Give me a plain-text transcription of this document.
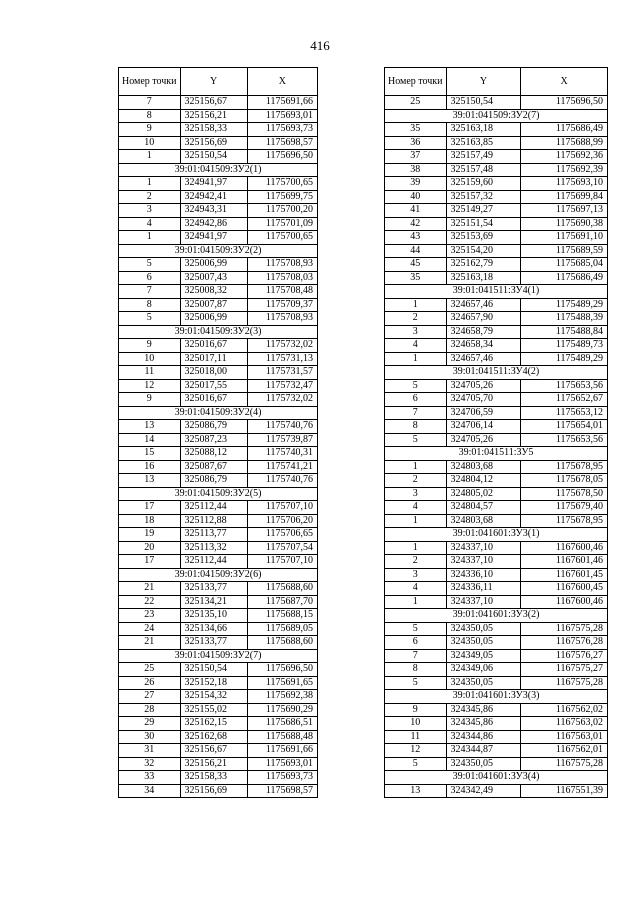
416
Номер точки	Y	X
7	325156,67	1175691,66
8	325156,21	1175693,01
9	325158,33	1175693,73
10	325156,69	1175698,57
1	325150,54	1175696,50
39:01:041509:ЗУ2(1)		
1	324941,97	1175700,65
2	324942,41	1175699,75
3	324943,31	1175700,20
4	324942,86	1175701,09
1	324941,97	1175700,65
39:01:041509:ЗУ2(2)		
5	325006,99	1175708,93
6	325007,43	1175708,03
7	325008,32	1175708,48
8	325007,87	1175709,37
5	325006,99	1175708,93
39:01:041509:ЗУ2(3)		
9	325016,67	1175732,02
10	325017,11	1175731,13
11	325018,00	1175731,57
12	325017,55	1175732,47
9	325016,67	1175732,02
39:01:041509:ЗУ2(4)		
13	325086,79	1175740,76
14	325087,23	1175739,87
15	325088,12	1175740,31
16	325087,67	1175741,21
13	325086,79	1175740,76
39:01:041509:ЗУ2(5)		
17	325112,44	1175707,10
18	325112,88	1175706,20
19	325113,77	1175706,65
20	325113,32	1175707,54
17	325112,44	1175707,10
39:01:041509:ЗУ2(6)		
21	325133,77	1175688,60
22	325134,21	1175687,70
23	325135,10	1175688,15
24	325134,66	1175689,05
21	325133,77	1175688,60
39:01:041509:ЗУ2(7)		
25	325150,54	1175696,50
26	325152,18	1175691,65
27	325154,32	1175692,38
28	325155,02	1175690,29
29	325162,15	1175686,51
30	325162,68	1175688,48
31	325156,67	1175691,66
32	325156,21	1175693,01
33	325158,33	1175693,73
34	325156,69	1175698,57
Номер точки	Y	X
25	325150,54	1175696,50
39:01:041509:ЗУ2(7)		
35	325163,18	1175686,49
36	325163,85	1175688,99
37	325157,49	1175692,36
38	325157,48	1175692,39
39	325159,60	1175693,10
40	325157,32	1175699,84
41	325149,27	1175697,13
42	325151,54	1175690,38
43	325153,69	1175691,10
44	325154,20	1175689,59
45	325162,79	1175685,04
35	325163,18	1175686,49
39:01:041511:ЗУ4(1)		
1	324657,46	1175489,29
2	324657,90	1175488,39
3	324658,79	1175488,84
4	324658,34	1175489,73
1	324657,46	1175489,29
39:01:041511:ЗУ4(2)		
5	324705,26	1175653,56
6	324705,70	1175652,67
7	324706,59	1175653,12
8	324706,14	1175654,01
5	324705,26	1175653,56
39:01:041511:ЗУ5		
1	324803,68	1175678,95
2	324804,12	1175678,05
3	324805,02	1175678,50
4	324804,57	1175679,40
1	324803,68	1175678,95
39:01:041601:ЗУ3(1)		
1	324337,10	1167600,46
2	324337,10	1167601,46
3	324336,10	1167601,45
4	324336,11	1167600,45
1	324337,10	1167600,46
39:01:041601:ЗУ3(2)		
5	324350,05	1167575,28
6	324350,05	1167576,28
7	324349,05	1167576,27
8	324349,06	1167575,27
5	324350,05	1167575,28
39:01:041601:ЗУ3(3)		
9	324345,86	1167562,02
10	324345,86	1167563,02
11	324344,86	1167563,01
12	324344,87	1167562,01
5	324350,05	1167575,28
39:01:041601:ЗУ3(4)		
13	324342,49	1167551,39
